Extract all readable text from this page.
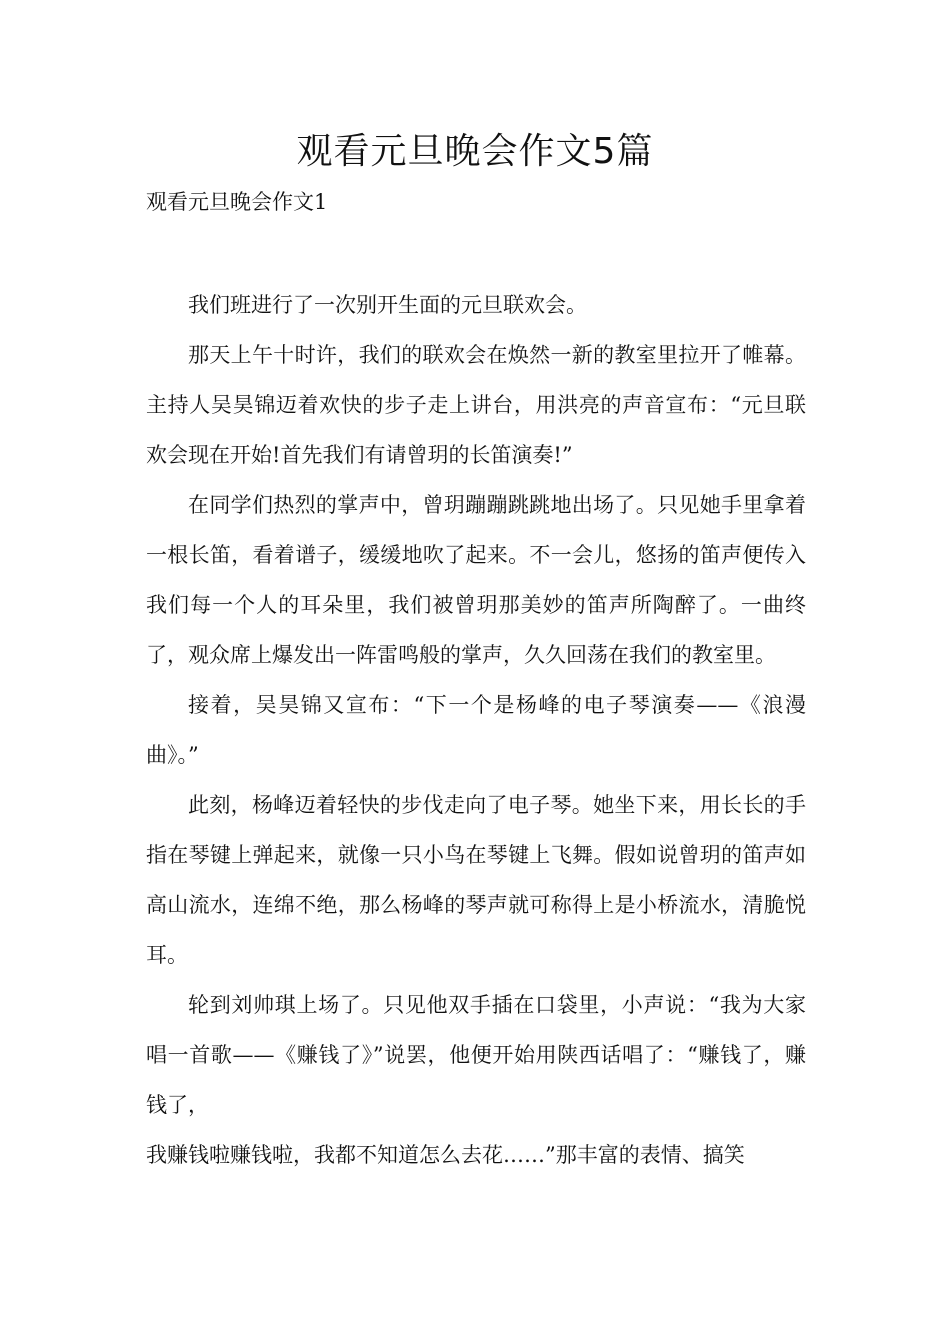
观看元旦晚会作文5篇
观看元旦晚会作文1

我们班进行了一次别开生面的元旦联欢会。

那天上午十时许，我们的联欢会在焕然一新的教室里拉开了帷幕。主持人吴昊锦迈着欢快的步子走上讲台，用洪亮的声音宣布：“元旦联欢会现在开始!首先我们有请曾玥的长笛演奏!”

在同学们热烈的掌声中，曾玥蹦蹦跳跳地出场了。只见她手里拿着一根长笛，看着谱子，缓缓地吹了起来。不一会儿，悠扬的笛声便传入我们每一个人的耳朵里，我们被曾玥那美妙的笛声所陶醉了。一曲终了，观众席上爆发出一阵雷鸣般的掌声，久久回荡在我们的教室里。

接着，吴昊锦又宣布：“下一个是杨峰的电子琴演奏——《浪漫曲》。”

此刻，杨峰迈着轻快的步伐走向了电子琴。她坐下来，用长长的手指在琴键上弹起来，就像一只小鸟在琴键上飞舞。假如说曾玥的笛声如高山流水，连绵不绝，那么杨峰的琴声就可称得上是小桥流水，清脆悦耳。

轮到刘帅琪上场了。只见他双手插在口袋里，小声说：“我为大家唱一首歌——《赚钱了》”说罢，他便开始用陕西话唱了：“赚钱了，赚钱了，

我赚钱啦赚钱啦，我都不知道怎么去花……”那丰富的表情、搞笑
